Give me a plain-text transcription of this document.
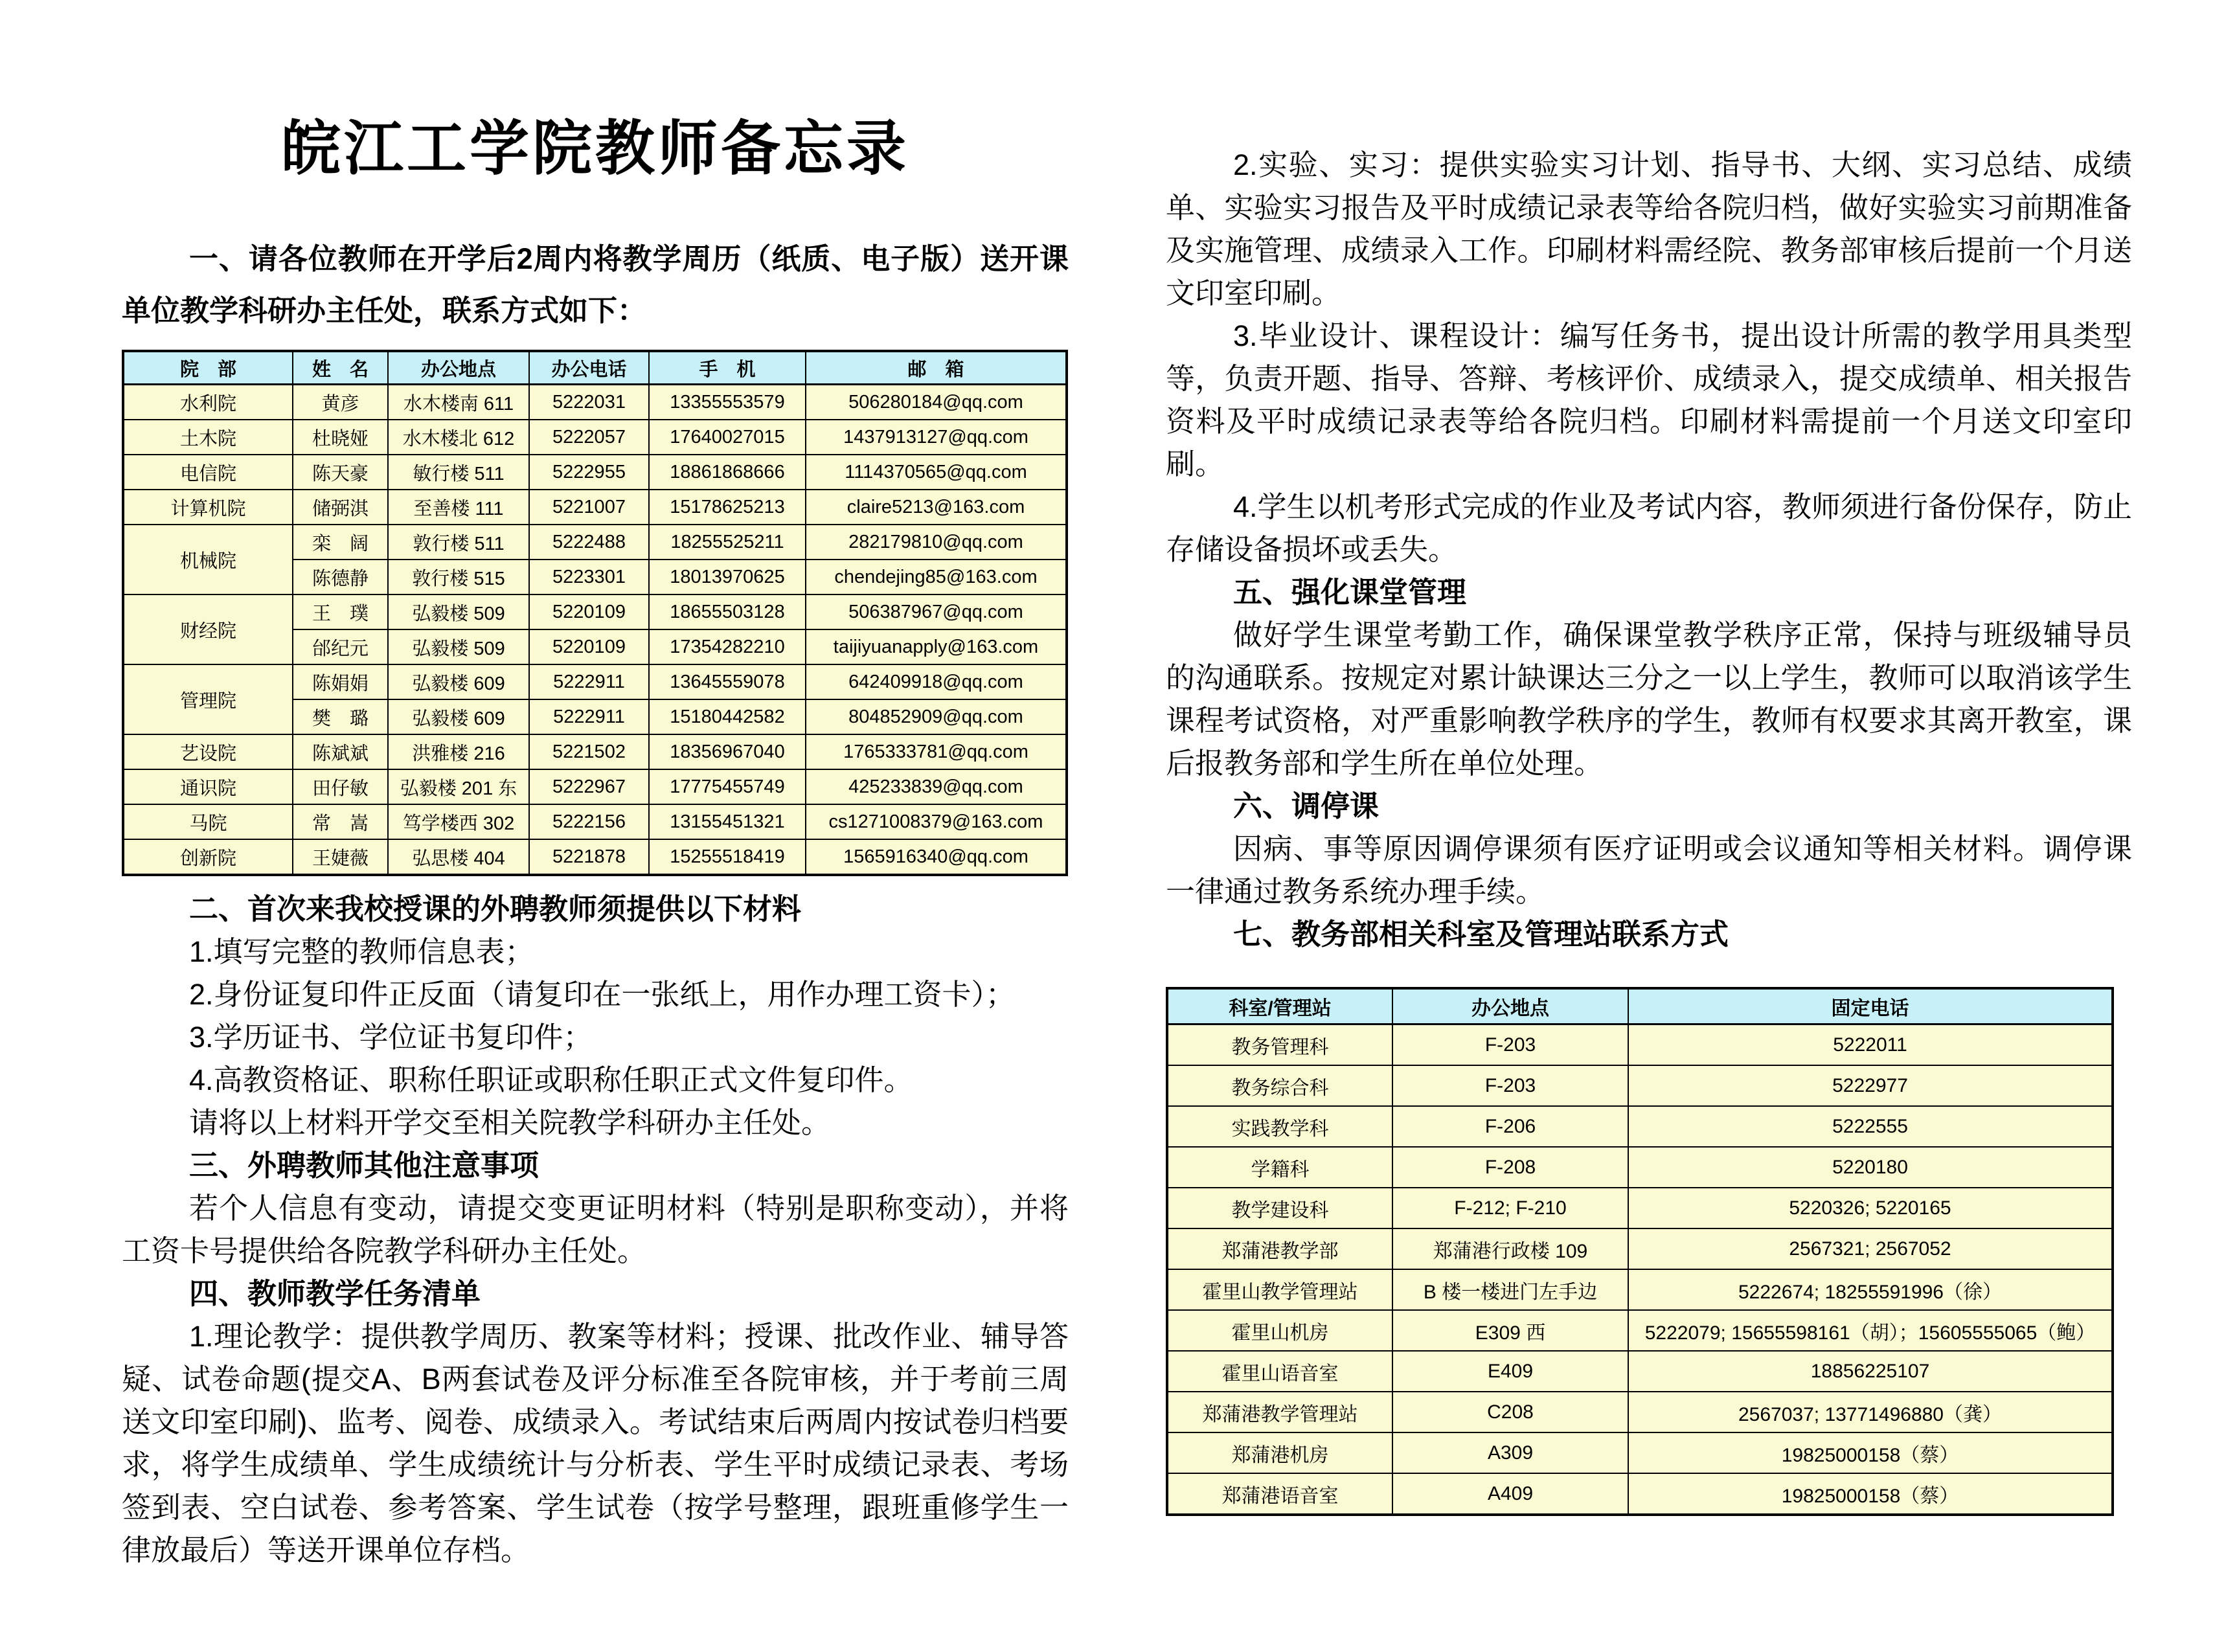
皖江工学院教师备忘录

一、请各位教师在开学后2周内将教学周历（纸质、电子版）送开课单位教学科研办主任处，联系方式如下：

院　部	姓　名	办公地点	办公电话	手　机	邮　箱
水利院	黄彦	水木楼南 611	5222031	13355553579	506280184@qq.com
土木院	杜晓娅	水木楼北 612	5222057	17640027015	1437913127@qq.com
电信院	陈天豪	敏行楼 511	5222955	18861868666	1114370565@qq.com
计算机院	储弼淇	至善楼 111	5221007	15178625213	claire5213@163.com
机械院	栾　阔	敦行楼 511	5222488	18255525211	282179810@qq.com
	陈德静	敦行楼 515	5223301	18013970625	chendejing85@163.com
财经院	王　璞	弘毅楼 509	5220109	18655503128	506387967@qq.com
	邰纪元	弘毅楼 509	5220109	17354282210	taijiyuanapply@163.com
管理院	陈娟娟	弘毅楼 609	5222911	13645559078	642409918@qq.com
	樊　璐	弘毅楼 609	5222911	15180442582	804852909@qq.com
艺设院	陈斌斌	洪雅楼 216	5221502	18356967040	1765333781@qq.com
通识院	田仔敏	弘毅楼 201 东	5222967	17775455749	425233839@qq.com
马院	常　嵩	笃学楼西 302	5222156	13155451321	cs1271008379@163.com
创新院	王婕薇	弘思楼 404	5221878	15255518419	1565916340@qq.com
二、首次来我校授课的外聘教师须提供以下材料
1.填写完整的教师信息表；
2.身份证复印件正反面（请复印在一张纸上，用作办理工资卡）；
3.学历证书、学位证书复印件；
4.高教资格证、职称任职证或职称任职正式文件复印件。
请将以上材料开学交至相关院教学科研办主任处。
三、外聘教师其他注意事项

若个人信息有变动，请提交变更证明材料（特别是职称变动），并将工资卡号提供给各院教学科研办主任处。

四、教师教学任务清单

1.理论教学：提供教学周历、教案等材料；授课、批改作业、辅导答疑、试卷命题(提交A、B两套试卷及评分标准至各院审核，并于考前三周送文印室印刷)、监考、阅卷、成绩录入。考试结束后两周内按试卷归档要求，将学生成绩单、学生成绩统计与分析表、学生平时成绩记录表、考场签到表、空白试卷、参考答案、学生试卷（按学号整理，跟班重修学生一律放最后）等送开课单位存档。

2.实验、实习：提供实验实习计划、指导书、大纲、实习总结、成绩单、实验实习报告及平时成绩记录表等给各院归档，做好实验实习前期准备及实施管理、成绩录入工作。印刷材料需经院、教务部审核后提前一个月送文印室印刷。

3.毕业设计、课程设计：编写任务书，提出设计所需的教学用具类型等，负责开题、指导、答辩、考核评价、成绩录入，提交成绩单、相关报告资料及平时成绩记录表等给各院归档。印刷材料需提前一个月送文印室印刷。

4.学生以机考形式完成的作业及考试内容，教师须进行备份保存，防止存储设备损坏或丢失。

五、强化课堂管理

做好学生课堂考勤工作，确保课堂教学秩序正常，保持与班级辅导员的沟通联系。按规定对累计缺课达三分之一以上学生，教师可以取消该学生课程考试资格，对严重影响教学秩序的学生，教师有权要求其离开教室，课后报教务部和学生所在单位处理。

六、调停课

因病、事等原因调停课须有医疗证明或会议通知等相关材料。调停课一律通过教务系统办理手续。

七、教务部相关科室及管理站联系方式
科室/管理站	办公地点	固定电话
教务管理科	F-203	5222011
教务综合科	F-203	5222977
实践教学科	F-206	5222555
学籍科	F-208	5220180
教学建设科	F-212; F-210	5220326; 5220165
郑蒲港教学部	郑蒲港行政楼 109	2567321; 2567052
霍里山教学管理站	B 楼一楼进门左手边	5222674; 18255591996（徐）
霍里山机房	E309 西	5222079; 15655598161（胡）；15605555065（鲍）
霍里山语音室	E409	18856225107
郑蒲港教学管理站	C208	2567037; 13771496880（龚）
郑蒲港机房	A309	19825000158（蔡）
郑蒲港语音室	A409	19825000158（蔡）
